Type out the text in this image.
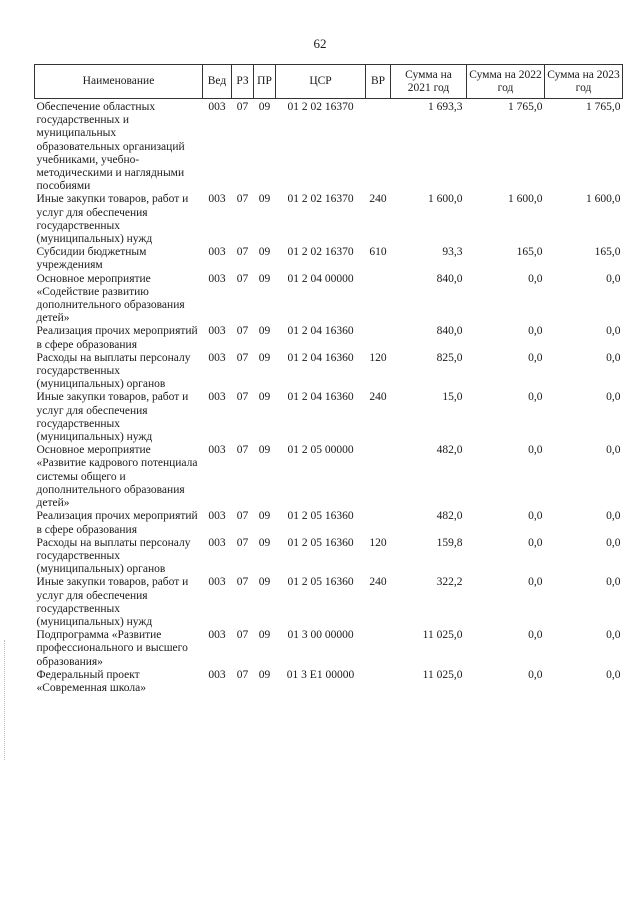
62
Наименование	Вед	РЗ	ПР	ЦСР	ВР	Сумма на 2021 год	Сумма на 2022 год	Сумма на 2023 год
Обеспечение областных государственных и муниципальных образовательных организаций учебниками, учебно-методическими и наглядными пособиями	003	07	09	01 2 02 16370		1 693,3	1 765,0	1 765,0
Иные закупки товаров, работ и услуг для обеспечения государственных (муниципальных) нужд	003	07	09	01 2 02 16370	240	1 600,0	1 600,0	1 600,0
Субсидии бюджетным учреждениям	003	07	09	01 2 02 16370	610	93,3	165,0	165,0
Основное мероприятие «Содействие развитию дополнительного образования детей»	003	07	09	01 2 04 00000		840,0	0,0	0,0
Реализация прочих мероприятий в сфере образования	003	07	09	01 2 04 16360		840,0	0,0	0,0
Расходы на выплаты персоналу государственных (муниципальных) органов	003	07	09	01 2 04 16360	120	825,0	0,0	0,0
Иные закупки товаров, работ и услуг для обеспечения государственных (муниципальных) нужд	003	07	09	01 2 04 16360	240	15,0	0,0	0,0
Основное мероприятие «Развитие кадрового потенциала системы общего и дополнительного образования детей»	003	07	09	01 2 05 00000		482,0	0,0	0,0
Реализация прочих мероприятий в сфере образования	003	07	09	01 2 05 16360		482,0	0,0	0,0
Расходы на выплаты персоналу государственных (муниципальных) органов	003	07	09	01 2 05 16360	120	159,8	0,0	0,0
Иные закупки товаров, работ и услуг для обеспечения государственных (муниципальных) нужд	003	07	09	01 2 05 16360	240	322,2	0,0	0,0
Подпрограмма «Развитие профессионального и высшего образования»	003	07	09	01 3 00 00000		11 025,0	0,0	0,0
Федеральный проект «Современная школа»	003	07	09	01 3 E1 00000		11 025,0	0,0	0,0
